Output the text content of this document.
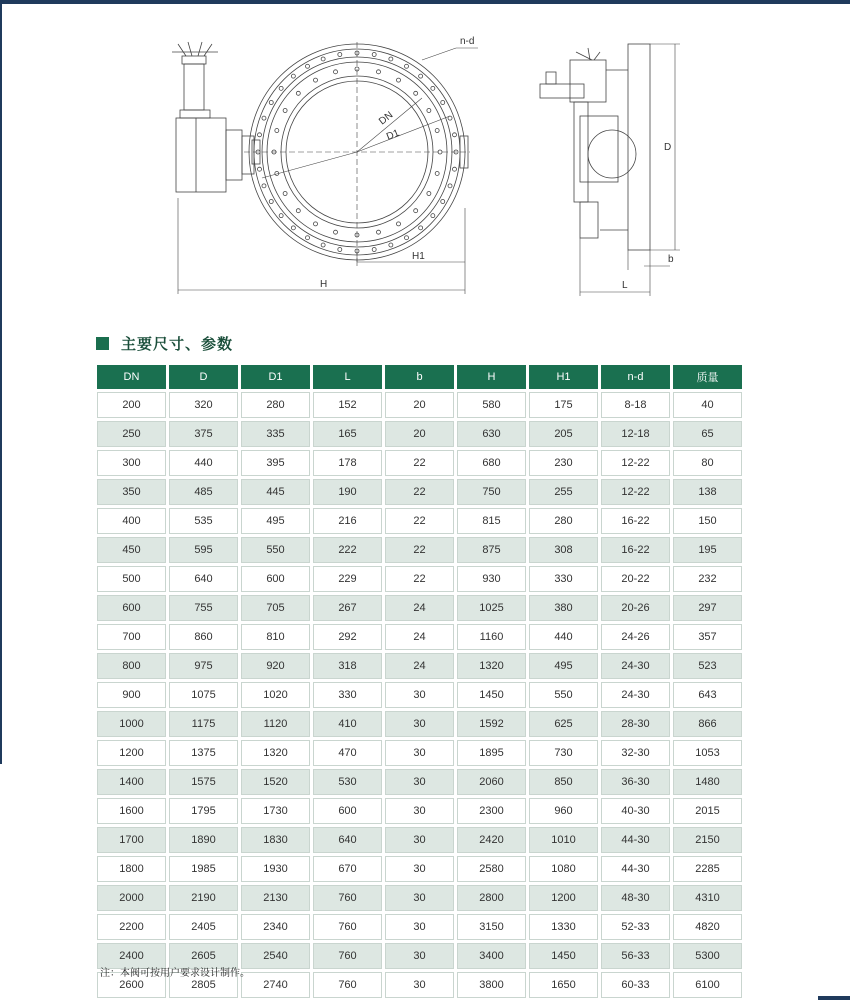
n-d
DN
D1
H1
H
D
b
L
主要尺寸、参数
DN	D	D1	L	b	H	H1	n-d	质量
200	320	280	152	20	580	175	8-18	40
250	375	335	165	20	630	205	12-18	65
300	440	395	178	22	680	230	12-22	80
350	485	445	190	22	750	255	12-22	138
400	535	495	216	22	815	280	16-22	150
450	595	550	222	22	875	308	16-22	195
500	640	600	229	22	930	330	20-22	232
600	755	705	267	24	1025	380	20-26	297
700	860	810	292	24	1160	440	24-26	357
800	975	920	318	24	1320	495	24-30	523
900	1075	1020	330	30	1450	550	24-30	643
1000	1175	1120	410	30	1592	625	28-30	866
1200	1375	1320	470	30	1895	730	32-30	1053
1400	1575	1520	530	30	2060	850	36-30	1480
1600	1795	1730	600	30	2300	960	40-30	2015
1700	1890	1830	640	30	2420	1010	44-30	2150
1800	1985	1930	670	30	2580	1080	44-30	2285
2000	2190	2130	760	30	2800	1200	48-30	4310
2200	2405	2340	760	30	3150	1330	52-33	4820
2400	2605	2540	760	30	3400	1450	56-33	5300
2600	2805	2740	760	30	3800	1650	60-33	6100
注：本阀可按用户要求设计制作。
